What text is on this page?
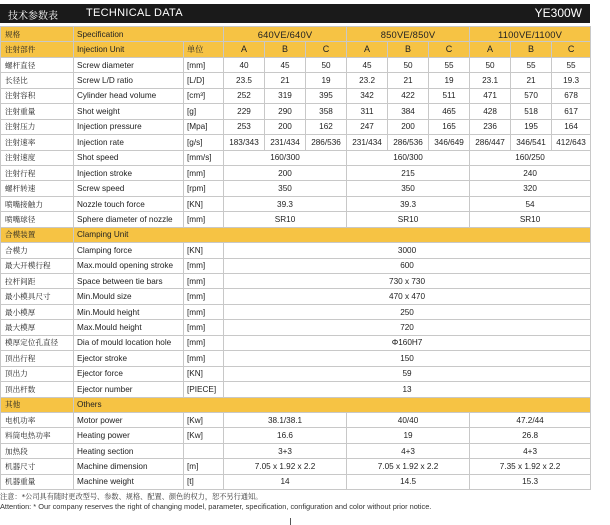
技术参数表	TECHNICAL DATA	YE300W
规格	Specification		640VE/640V			850VE/850V			1100VE/1100V		
注射部件	Injection Unit	单位	A	B	C	A	B	C	A	B	C
螺杆直径	Screw diameter	[mm]	40	45	50	45	50	55	50	55	55
长径比	Screw L/D ratio	[L/D]	23.5	21	19	23.2	21	19	23.1	21	19.3
注射容积	Cylinder head volume	[cm³]	252	319	395	342	422	511	471	570	678
注射重量	Shot weight	[g]	229	290	358	311	384	465	428	518	617
注射压力	Injection pressure	[Mpa]	253	200	162	247	200	165	236	195	164
注射速率	Injection rate	[g/s]	183/343	231/434	286/536	231/434	286/536	346/649	286/447	346/541	412/643
注射速度	Shot speed	[mm/s]	160/300			160/300			160/250		
注射行程	Injection stroke	[mm]	200			215			240		
螺杆转速	Screw speed	[rpm]	350			350			320		
喷嘴接触力	Nozzle touch force	[KN]	39.3			39.3			54		
喷嘴球径	Sphere diameter of nozzle	[mm]	SR10			SR10			SR10		
合模装置	Clamping Unit										
合模力	Clamping force	[KN]	3000								
最大开模行程	Max.mould opening stroke	[mm]	600								
拉杆间距	Space between tie bars	[mm]	730 x 730								
最小模具尺寸	Min.Mould size	[mm]	470 x 470								
最小模厚	Min.Mould height	[mm]	250								
最大模厚	Max.Mould height	[mm]	720								
模厚定位孔直径	Dia of mould location hole	[mm]	Φ160H7								
顶出行程	Ejector stroke	[mm]	150								
顶出力	Ejector force	[KN]	59								
顶出杆数	Ejector number	[PIECE]	13								
其他	Others										
电机功率	Motor power	[Kw]	38.1/38.1			40/40			47.2/44		
料筒电热功率	Heating power	[Kw]	16.6			19			26.8		
加热段	Heating section		3+3			4+3			4+3		
机器尺寸	Machine dimension	[m]	7.05 x 1.92 x 2.2			7.05 x 1.92 x 2.2			7.35 x 1.92 x 2.2		
机器重量	Machine weight	[t]	14			14.5			15.3		
注意：*公司具有随时更改型号、参数、规格、配置、颜色的权力，恕不另行通知。
Attention: * Our company reserves the right of changing model, parameter, specification, configuration and color without prior notice.
